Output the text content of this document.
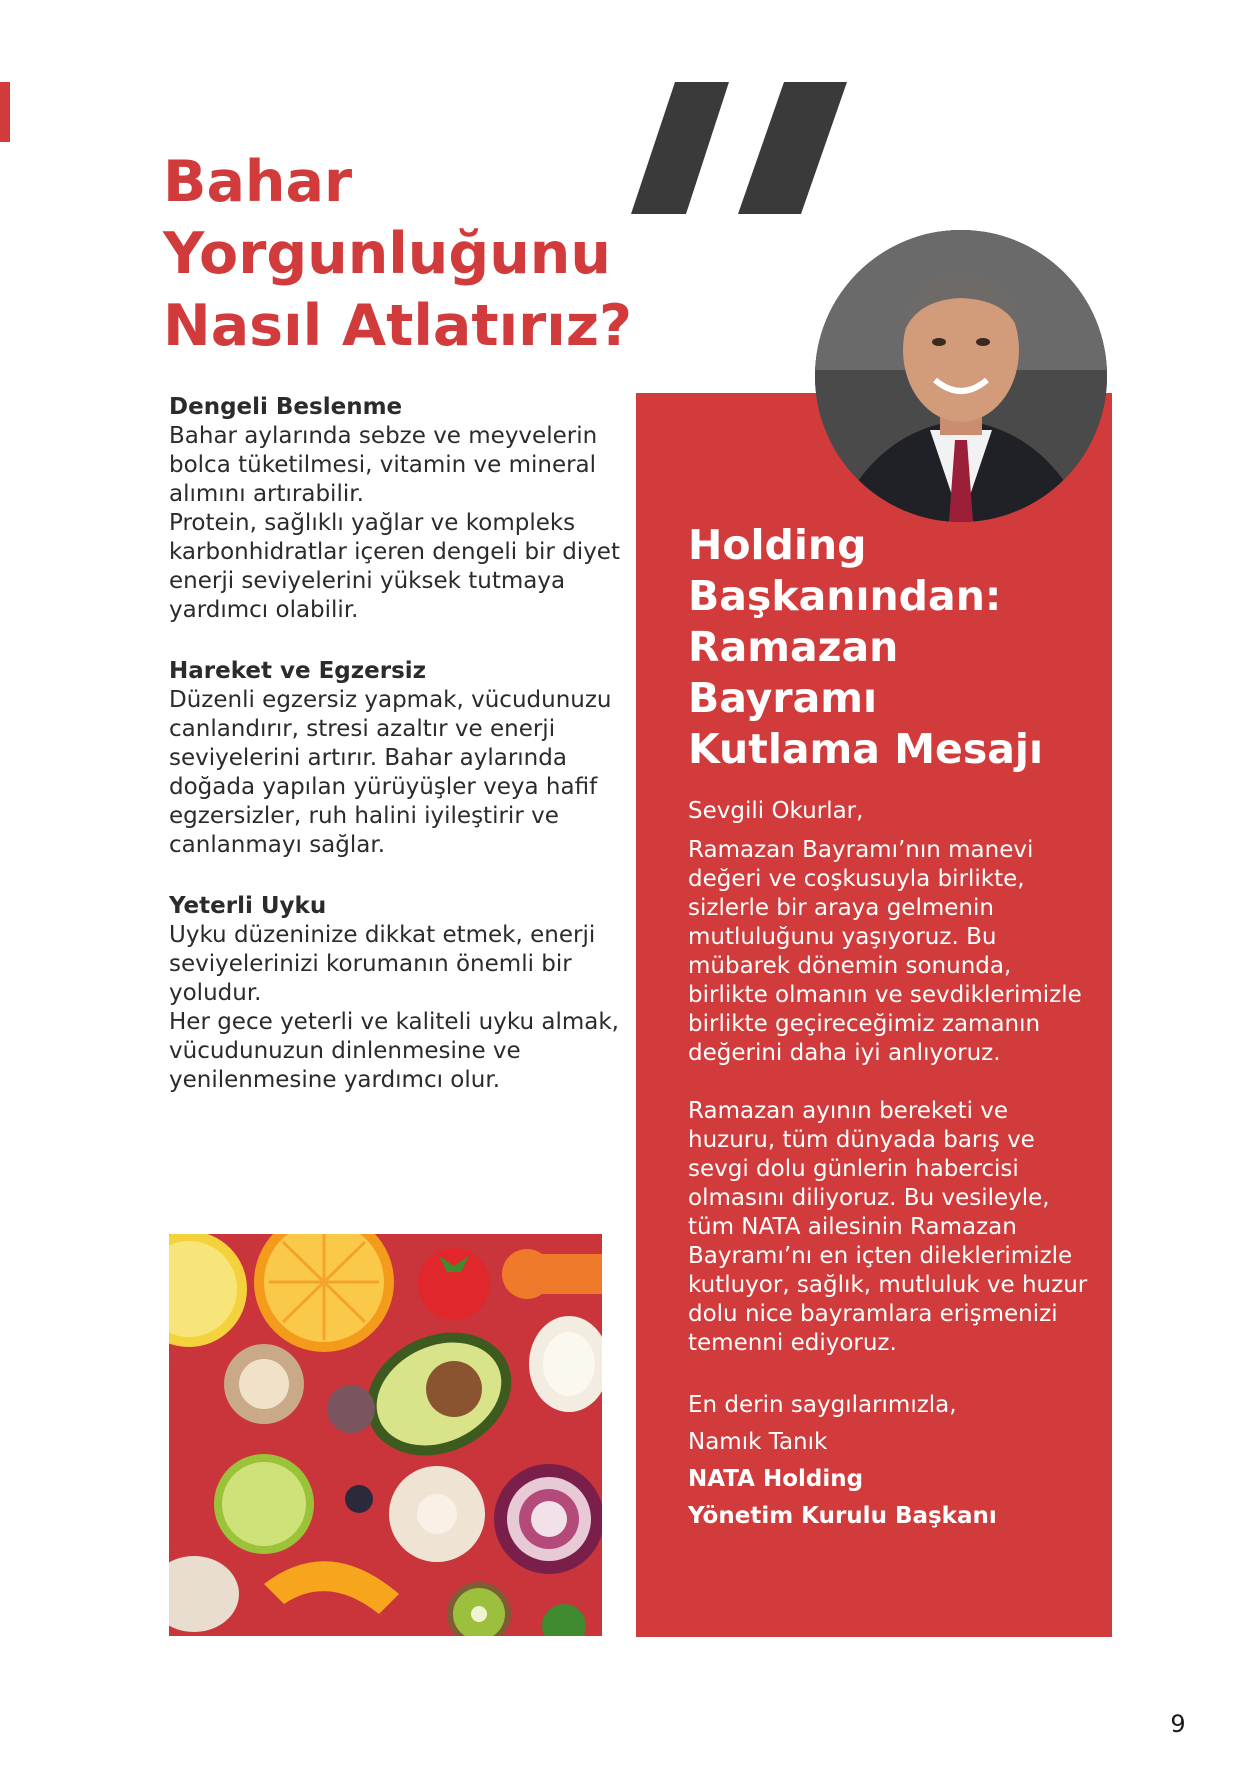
Bahar
Yorgunluğunu
Nasıl Atlatırız?
Dengeli Beslenme

Bahar aylarında sebze ve meyvelerin bolca tüketilmesi, vitamin ve mineral alımını artırabilir.

Protein, sağlıklı yağlar ve kompleks karbonhidratlar içeren dengeli bir diyet enerji seviyelerini yüksek tutmaya yardımcı olabilir.

Hareket ve Egzersiz

Düzenli egzersiz yapmak, vücudunuzu canlandırır, stresi azaltır ve enerji seviyelerini artırır. Bahar aylarında doğada yapılan yürüyüşler veya hafif egzersizler, ruh halini iyileştirir ve canlanmayı sağlar.

Yeterli Uyku

Uyku düzeninize dikkat etmek, enerji seviyelerinizi korumanın önemli bir yoludur.

Her gece yeterli ve kaliteli uyku almak, vücudunuzun dinlenmesine ve yenilenmesine yardımcı olur.

Holding
Başkanından:
Ramazan
Bayramı
Kutlama Mesajı

Sevgili Okurlar,

Ramazan Bayramı’nın manevi değeri ve coşkusuyla birlikte, sizlerle bir araya gelmenin mutluluğunu yaşıyoruz. Bu mübarek dönemin sonunda, birlikte olmanın ve sevdiklerimizle birlikte geçireceğimiz zamanın değerini daha iyi anlıyoruz.

Ramazan ayının bereketi ve huzuru, tüm dünyada barış ve sevgi dolu günlerin habercisi olmasını diliyoruz. Bu vesileyle, tüm NATA ailesinin Ramazan Bayramı’nı en içten dileklerimizle kutluyor, sağlık, mutluluk ve huzur dolu nice bayramlara erişmenizi temenni ediyoruz.

En derin saygılarımızla,

Namık Tanık

NATA Holding

Yönetim Kurulu Başkanı

9
